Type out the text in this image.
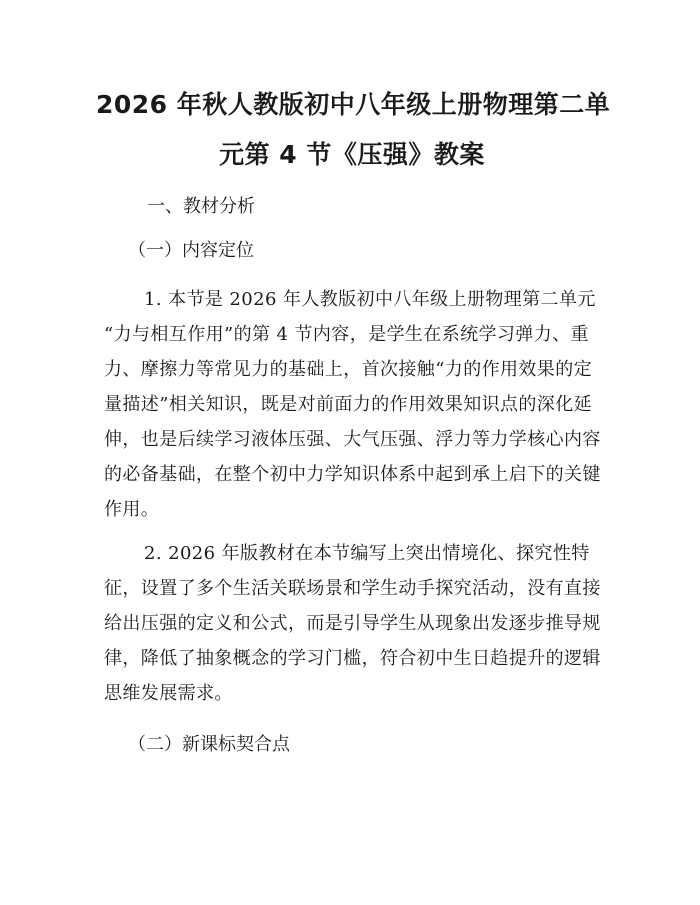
2026 年秋人教版初中八年级上册物理第二单
元第 4 节《压强》教案

一、教材分析

（一）内容定位

1. 本节是 2026 年人教版初中八年级上册物理第二单元
“力与相互作用”的第 4 节内容，是学生在系统学习弹力、重
力、摩擦力等常见力的基础上，首次接触“力的作用效果的定
量描述”相关知识，既是对前面力的作用效果知识点的深化延
伸，也是后续学习液体压强、大气压强、浮力等力学核心内容
的必备基础，在整个初中力学知识体系中起到承上启下的关键
作用。
2. 2026 年版教材在本节编写上突出情境化、探究性特
征，设置了多个生活关联场景和学生动手探究活动，没有直接
给出压强的定义和公式，而是引导学生从现象出发逐步推导规
律，降低了抽象概念的学习门槛，符合初中生日趋提升的逻辑
思维发展需求。

（二）新课标契合点
